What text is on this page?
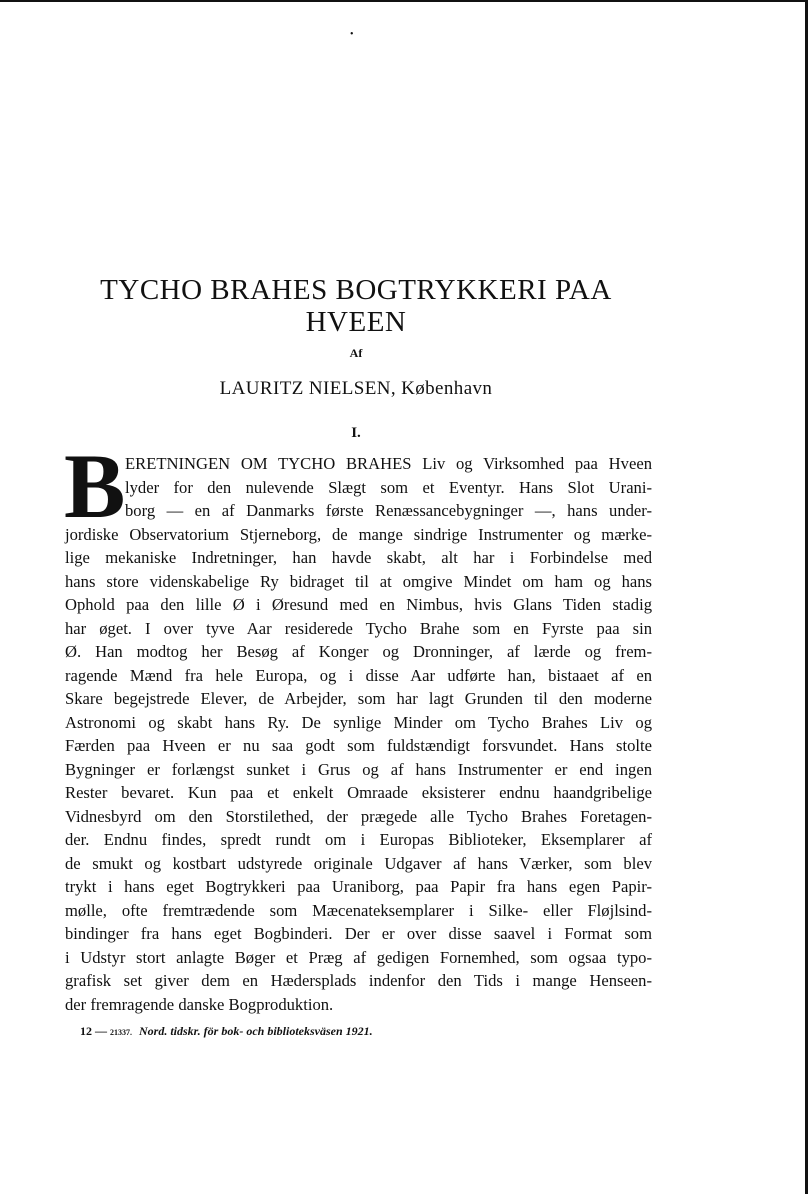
•
TYCHO BRAHES BOGTRYKKERI PAA
HVEEN
Af
LAURITZ NIELSEN, København
I.
B ERETNINGEN OM TYCHO BRAHES Liv og Virksomhed paa Hveen
lyder for den nulevende Slægt som et Eventyr. Hans Slot Urani-
borg — en af Danmarks første Renæssancebygninger —, hans under-
jordiske Observatorium Stjerneborg, de mange sindrige Instrumenter og mærke-
lige mekaniske Indretninger, han havde skabt, alt har i Forbindelse med
hans store videnskabelige Ry bidraget til at omgive Mindet om ham og hans
Ophold paa den lille Ø i Øresund med en Nimbus, hvis Glans Tiden stadig
har øget. I over tyve Aar residerede Tycho Brahe som en Fyrste paa sin
Ø. Han modtog her Besøg af Konger og Dronninger, af lærde og frem-
ragende Mænd fra hele Europa, og i disse Aar udførte han, bistaaet af en
Skare begejstrede Elever, de Arbejder, som har lagt Grunden til den moderne
Astronomi og skabt hans Ry. De synlige Minder om Tycho Brahes Liv og
Færden paa Hveen er nu saa godt som fuldstændigt forsvundet. Hans stolte
Bygninger er forlængst sunket i Grus og af hans Instrumenter er end ingen
Rester bevaret. Kun paa et enkelt Omraade eksisterer endnu haandgribelige
Vidnesbyrd om den Storstilethed, der prægede alle Tycho Brahes Foretagen-
der. Endnu findes, spredt rundt om i Europas Biblioteker, Eksemplarer af
de smukt og kostbart udstyrede originale Udgaver af hans Værker, som blev
trykt i hans eget Bogtrykkeri paa Uraniborg, paa Papir fra hans egen Papir-
mølle, ofte fremtrædende som Mæcenateksemplarer i Silke- eller Fløjlsind-
bindinger fra hans eget Bogbinderi. Der er over disse saavel i Format som
i Udstyr stort anlagte Bøger et Præg af gedigen Fornemhed, som ogsaa typo-
grafisk set giver dem en Hædersplads indenfor den Tids i mange Henseen-
der fremragende danske Bogproduktion.
12 — 21337. Nord. tidskr. för bok- och biblioteksväsen 1921.
